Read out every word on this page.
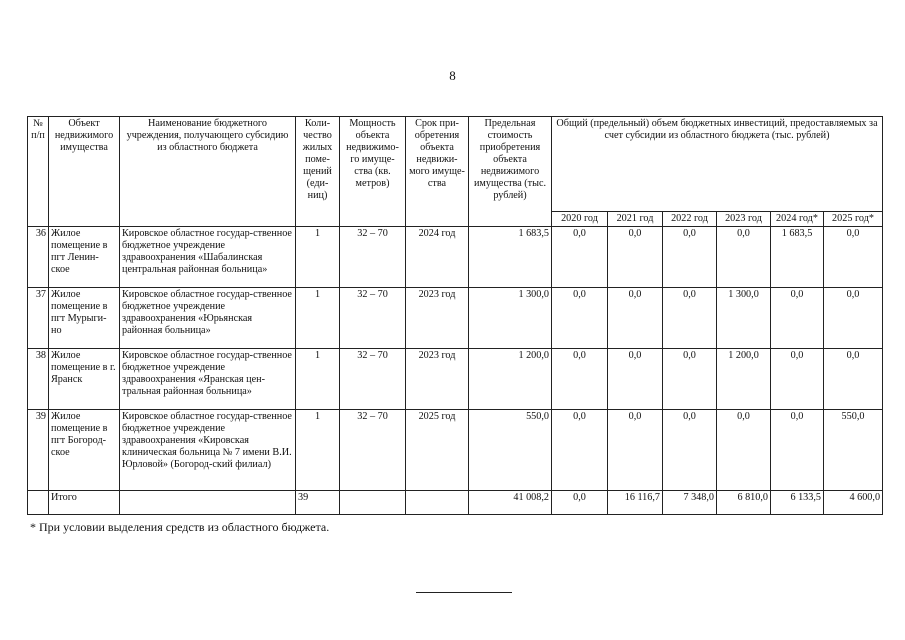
8
№ п/п	Объект недвижимого имущества	Наименование бюджетного учреждения, получающего субсидию из областного бюджета	Коли-чество жилых поме-щений (еди-ниц)	Мощность объекта недвижимо-го имуще-ства (кв. метров)	Срок при-обретения объекта недвижи-мого имуще-ства	Предельная стоимость приобретения объекта недвижимого имущества (тыс. рублей)	Общий (предельный) объем бюджетных инвестиций, предоставляемых за счет субсидии из областного бюджета (тыс. рублей)					
							2020 год	2021 год	2022 год	2023 год	2024 год*	2025 год*
36	Жилое помещение в пгт Ленин-ское	Кировское областное государ-ственное бюджетное учреждение здравоохранения «Шабалинская центральная районная больница»	1	32 – 70	2024 год	1 683,5	0,0	0,0	0,0	0,0	1 683,5	0,0
37	Жилое помещение в пгт Мурыги-но	Кировское областное государ-ственное бюджетное учреждение здравоохранения «Юрьянская районная больница»	1	32 – 70	2023 год	1 300,0	0,0	0,0	0,0	1 300,0	0,0	0,0
38	Жилое помещение в г. Яранск	Кировское областное государ-ственное бюджетное учреждение здравоохранения «Яранская цен-тральная районная больница»	1	32 – 70	2023 год	1 200,0	0,0	0,0	0,0	1 200,0	0,0	0,0
39	Жилое помещение в пгт Богород-ское	Кировское областное государ-ственное бюджетное учреждение здравоохранения «Кировская клиническая больница № 7 имени В.И. Юрловой» (Богород-ский филиал)	1	32 – 70	2025 год	550,0	0,0	0,0	0,0	0,0	0,0	550,0
	Итого		39			41 008,2	0,0	16 116,7	7 348,0	6 810,0	6 133,5	4 600,0
* При условии выделения средств из областного бюджета.
